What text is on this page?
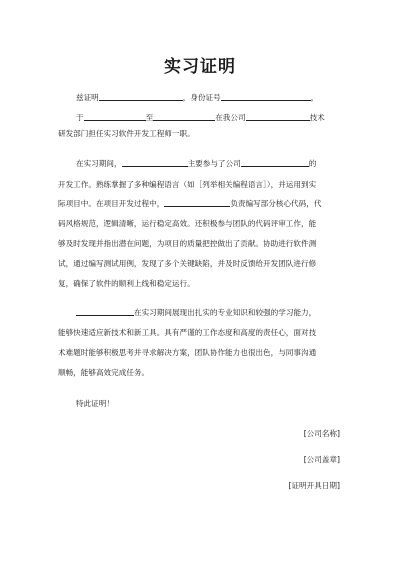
实习证明
兹证明	，身份证号	，
于	至	在我公司	技术
研发部门担任实习软件开发工程师一职。
在实习期间，	主要参与了公司	的
开发工作。熟练掌握了多种编程语言（如［列举相关编程语言］），并运用到实
际项目中。在项目开发过程中，	负责编写部分核心代码，代
码风格规范，逻辑清晰，运行稳定高效。还积极参与团队的代码评审工作，能
够及时发现并指出潜在问题，为项目的质量把控做出了贡献。协助进行软件测
试，通过编写测试用例，发现了多个关键缺陷，并及时反馈给开发团队进行修
复，确保了软件的顺利上线和稳定运行。
在实习期间展现出扎实的专业知识和较强的学习能力，
能够快速适应新技术和新工具。具有严谨的工作态度和高度的责任心，面对技
术难题时能够积极思考并寻求解决方案，团队协作能力也很出色，与同事沟通
顺畅，能够高效完成任务。
特此证明！
[公司名称]
[公司盖章]
[证明开具日期]
